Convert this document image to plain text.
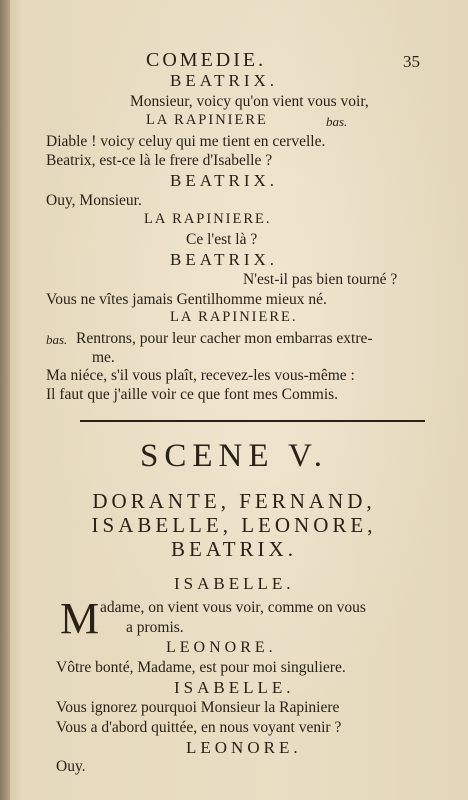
COMEDIE.	35
BEATRIX.
Monsieur, voicy qu'on vient vous voir,
LA RAPINIERE	bas.
Diable ! voicy celuy qui me tient en cervelle.
Beatrix, est-ce là le frere d'Isabelle ?
BEATRIX.
Ouy, Monsieur.
LA RAPINIERE.
Ce l'est là ?
BEATRIX.
N'est-il pas bien tourné ?
Vous ne vîtes jamais Gentilhomme mieux né.
LA RAPINIERE.
bas. Rentrons, pour leur cacher mon embarras extre-
me.
Ma niéce, s'il vous plaît, recevez-les vous-même :
Il faut que j'aille voir ce que font mes Commis.
SCENE V.
DORANTE, FERNAND,
ISABELLE, LEONORE,
BEATRIX.
ISABELLE.
M adame, on vient vous voir, comme on vous
a promis.
LEONORE.
Vôtre bonté, Madame, est pour moi singuliere.
ISABELLE.
Vous ignorez pourquoi Monsieur la Rapiniere
Vous a d'abord quittée, en nous voyant venir ?
LEONORE.
Ouy.
